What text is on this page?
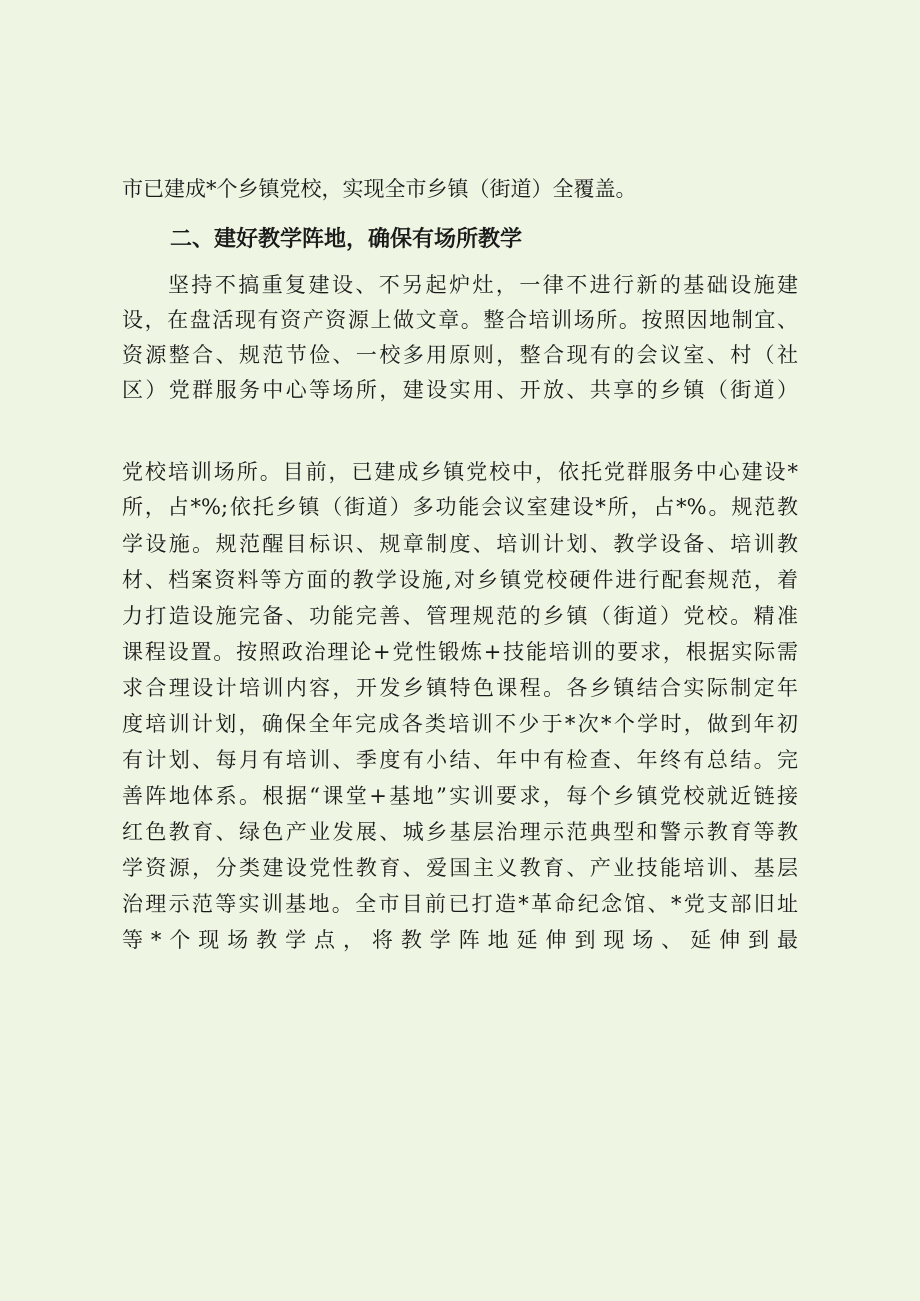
市已建成*个乡镇党校，实现全市乡镇（街道）全覆盖。
二、建好教学阵地，确保有场所教学
坚持不搞重复建设、不另起炉灶，一律不进行新的基础设施建
设，在盘活现有资产资源上做文章。整合培训场所。按照因地制宜、
资源整合、规范节俭、一校多用原则，整合现有的会议室、村（社
区）党群服务中心等场所，建设实用、开放、共享的乡镇（街道）
党校培训场所。目前，已建成乡镇党校中，依托党群服务中心建设*
所，占*%;依托乡镇（街道）多功能会议室建设*所，占*%。规范教
学设施。规范醒目标识、规章制度、培训计划、教学设备、培训教
材、档案资料等方面的教学设施,对乡镇党校硬件进行配套规范，着
力打造设施完备、功能完善、管理规范的乡镇（街道）党校。精准
课程设置。按照政治理论+党性锻炼+技能培训的要求，根据实际需
求合理设计培训内容，开发乡镇特色课程。各乡镇结合实际制定年
度培训计划，确保全年完成各类培训不少于*次*个学时，做到年初
有计划、每月有培训、季度有小结、年中有检查、年终有总结。完
善阵地体系。根据“课堂+基地”实训要求，每个乡镇党校就近链接
红色教育、绿色产业发展、城乡基层治理示范典型和警示教育等教
学资源，分类建设党性教育、爱国主义教育、产业技能培训、基层
治理示范等实训基地。全市目前已打造*革命纪念馆、*党支部旧址
等*个现场教学点，将教学阵地延伸到现场、延伸到最
